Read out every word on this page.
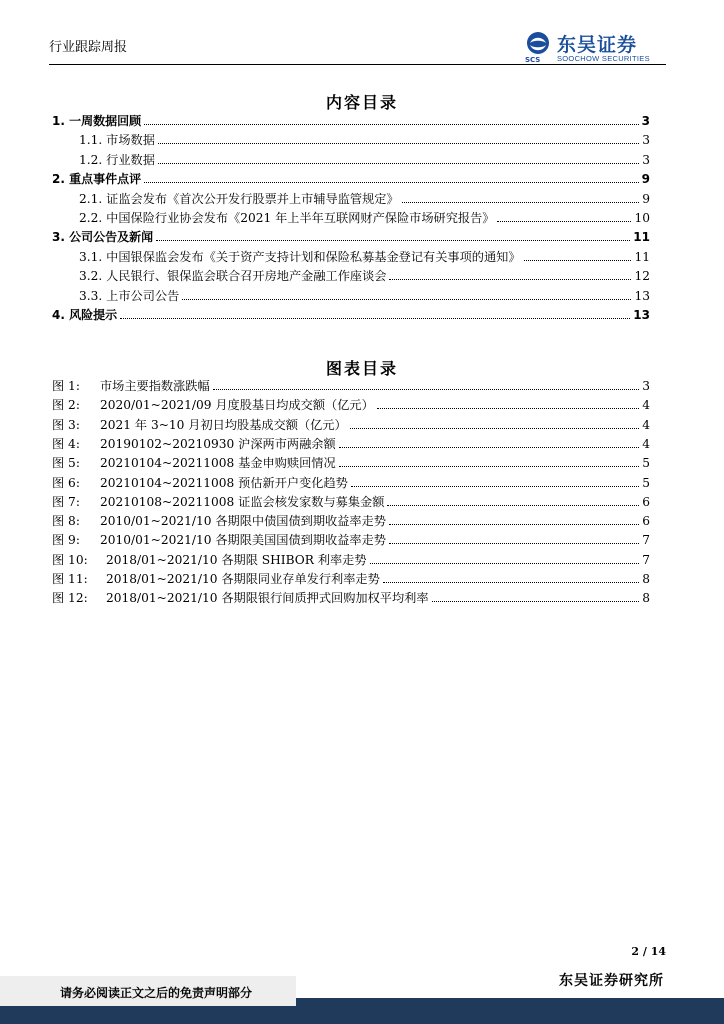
行业跟踪周报
SCS
东吴证券
SOOCHOW SECURITIES
内容目录
1. 一周数据回顾	3
1.1. 市场数据	3
1.2. 行业数据	3
2. 重点事件点评	9
2.1. 证监会发布《首次公开发行股票并上市辅导监管规定》	9
2.2. 中国保险行业协会发布《2021 年上半年互联网财产保险市场研究报告》	10
3. 公司公告及新闻	11
3.1. 中国银保监会发布《关于资产支持计划和保险私募基金登记有关事项的通知》	11
3.2. 人民银行、银保监会联合召开房地产金融工作座谈会	12
3.3. 上市公司公告	13
4. 风险提示	13
图表目录
图 1:	市场主要指数涨跌幅	3
图 2:	2020/01~2021/09 月度股基日均成交额（亿元）	4
图 3:	2021 年 3~10 月初日均股基成交额（亿元）	4
图 4:	20190102~20210930 沪深两市两融余额	4
图 5:	20210104~20211008 基金申购赎回情况	5
图 6:	20210104~20211008 预估新开户变化趋势	5
图 7:	20210108~20211008 证监会核发家数与募集金额	6
图 8:	2010/01~2021/10 各期限中债国债到期收益率走势	6
图 9:	2010/01~2021/10 各期限美国国债到期收益率走势	7
图 10:	2018/01~2021/10 各期限 SHIBOR 利率走势	7
图 11:	2018/01~2021/10 各期限同业存单发行利率走势	8
图 12:	2018/01~2021/10 各期限银行间质押式回购加权平均利率	8
2 / 14
东吴证券研究所
请务必阅读正文之后的免责声明部分
